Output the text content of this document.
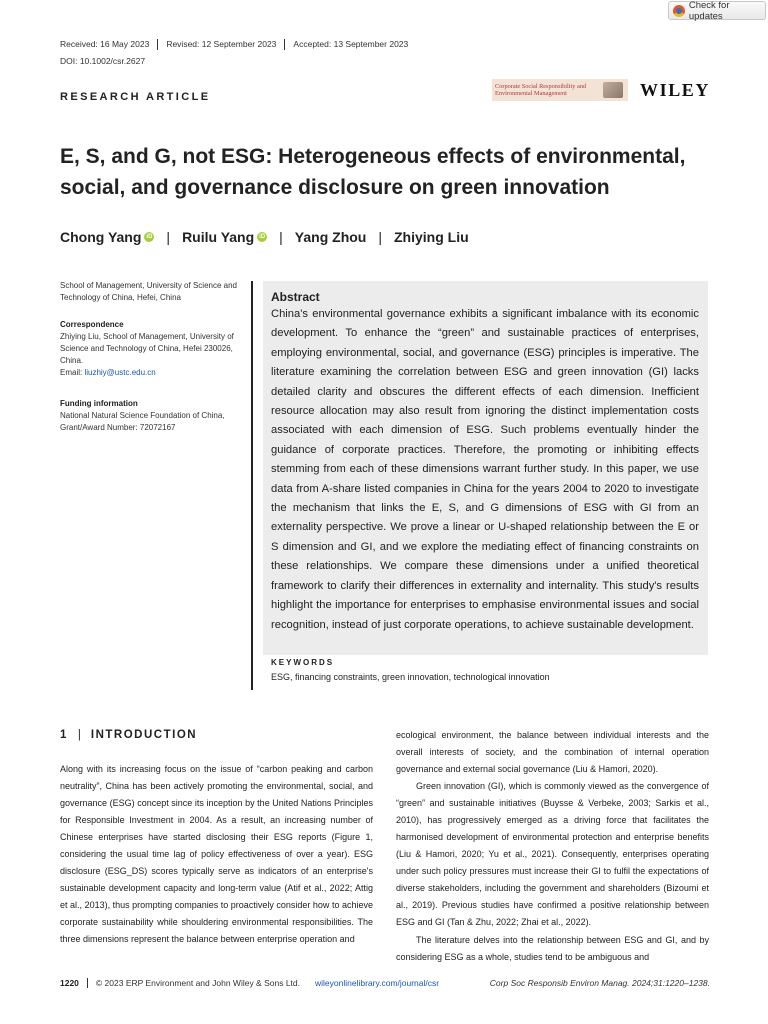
Check for updates
Received: 16 May 2023	Revised: 12 September 2023	Accepted: 13 September 2023
DOI: 10.1002/csr.2627
RESEARCH ARTICLE
Corporate Social Responsibility and Environmental Management	WILEY
E, S, and G, not ESG: Heterogeneous effects of environmental, social, and governance disclosure on green innovation
Chong Yang iD | Ruilu Yang iD | Yang Zhou | Zhiying Liu
School of Management, University of Science and Technology of China, Hefei, China
Correspondence
Zhiying Liu, School of Management, University of Science and Technology of China, Hefei 230026, China.
Email: liuzhiy@ustc.edu.cn
Funding information
National Natural Science Foundation of China, Grant/Award Number: 72072167
Abstract

China's environmental governance exhibits a significant imbalance with its economic development. To enhance the “green” and sustainable practices of enterprises, employing environmental, social, and governance (ESG) principles is imperative. The literature examining the correlation between ESG and green innovation (GI) lacks detailed clarity and obscures the different effects of each dimension. Inefficient resource allocation may also result from ignoring the distinct implementation costs associated with each dimension of ESG. Such problems eventually hinder the guidance of corporate practices. Therefore, the promoting or inhibiting effects stemming from each of these dimensions warrant further study. In this paper, we use data from A-share listed companies in China for the years 2004 to 2020 to investigate the mechanism that links the E, S, and G dimensions of ESG with GI from an externality perspective. We prove a linear or U-shaped relationship between the E or S dimension and GI, and we explore the mediating effect of financing constraints on these relationships. We compare these dimensions under a unified theoretical framework to clarify their differences in externality and internality. This study's results highlight the importance for enterprises to emphasise environmental issues and social recognition, instead of just corporate operations, to achieve sustainable development.

KEYWORDS
ESG, financing constraints, green innovation, technological innovation
1 | INTRODUCTION

Along with its increasing focus on the issue of “carbon peaking and carbon neutrality”, China has been actively promoting the environmental, social, and governance (ESG) concept since its inception by the United Nations Principles for Responsible Investment in 2004. As a result, an increasing number of Chinese enterprises have started disclosing their ESG reports (Figure 1, considering the usual time lag of policy effectiveness of over a year). ESG disclosure (ESG_DS) scores typically serve as indicators of an enterprise's sustainable development capacity and long-term value (Atif et al., 2022; Attig et al., 2013), thus prompting companies to proactively consider how to achieve corporate sustainability while shouldering environmental responsibilities. The three dimensions represent the balance between enterprise operation and

ecological environment, the balance between individual interests and the overall interests of society, and the combination of internal operation governance and external social governance (Liu & Hamori, 2020).

Green innovation (GI), which is commonly viewed as the convergence of “green” and sustainable initiatives (Buysse & Verbeke, 2003; Sarkis et al., 2010), has progressively emerged as a driving force that facilitates the harmonised development of environmental protection and enterprise benefits (Liu & Hamori, 2020; Yu et al., 2021). Consequently, enterprises operating under such policy pressures must increase their GI to fulfil the expectations of diverse stakeholders, including the government and shareholders (Bizoumi et al., 2019). Previous studies have confirmed a positive relationship between ESG and GI (Tan & Zhu, 2022; Zhai et al., 2022).

The literature delves into the relationship between ESG and GI, and by considering ESG as a whole, studies tend to be ambiguous and

1220	© 2023 ERP Environment and John Wiley & Sons Ltd. wileyonlinelibrary.com/journal/csr	Corp Soc Responsib Environ Manag. 2024;31:1220–1238.
